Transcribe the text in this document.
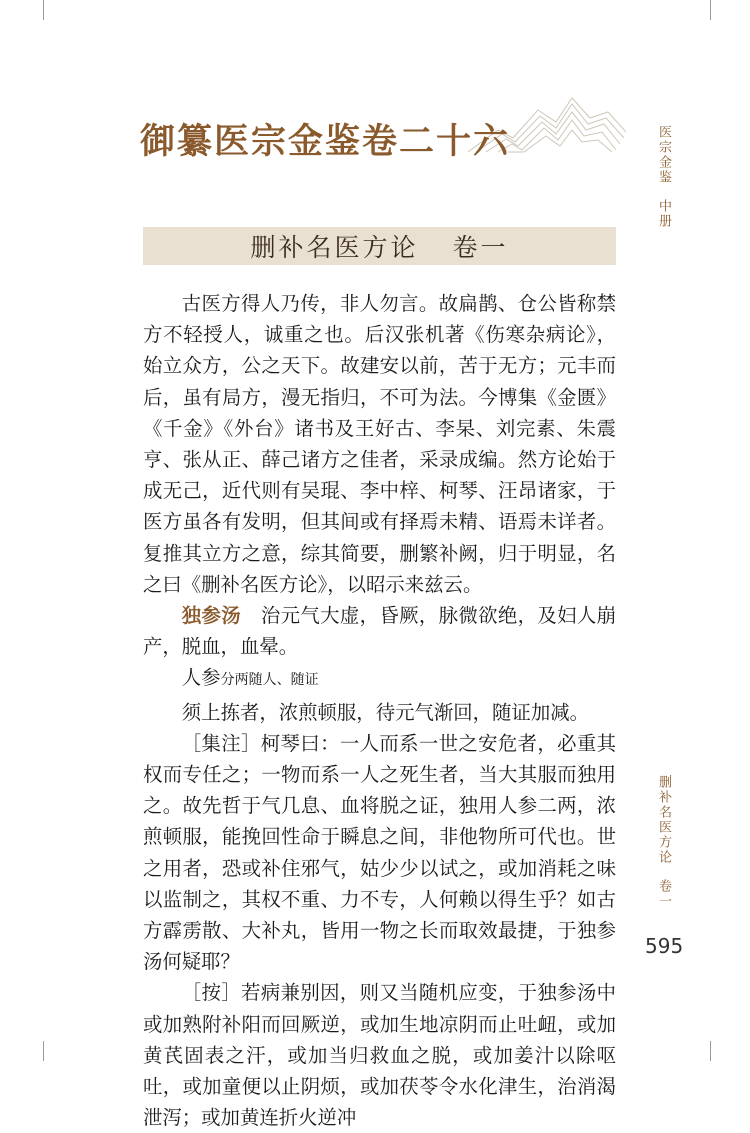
御纂医宗金鉴卷二十六	医宗金鉴中册
删补名医方论 卷一

古医方得人乃传，非人勿言。故扁鹊、仓公皆称禁方不轻授人，诚重之也。后汉张机著《伤寒杂病论》，始立众方，公之天下。故建安以前，苦于无方；元丰而后，虽有局方，漫无指归，不可为法。今博集《金匮》《千金》《外台》诸书及王好古、李杲、刘完素、朱震亨、张从正、薛己诸方之佳者，采录成编。然方论始于成无己，近代则有吴琨、李中梓、柯琴、汪昂诸家，于医方虽各有发明，但其间或有择焉未精、语焉未详者。复推其立方之意，综其简要，删繁补阙，归于明显，名之曰《删补名医方论》，以昭示来兹云。

独参汤　 治元气大虚，昏厥，脉微欲绝，及妇人崩产，脱血，血晕。

人参分两随人、随证

须上拣者，浓煎顿服，待元气渐回，随证加减。

［集注］柯琴曰：一人而系一世之安危者，必重其权而专任之；一物而系一人之死生者，当大其服而独用之。故先哲于气几息、血将脱之证，独用人参二两，浓煎顿服，能挽回性命于瞬息之间，非他物所可代也。世之用者，恐或补住邪气，姑少少以试之，或加消耗之味以监制之，其权不重、力不专，人何赖以得生乎？如古方霹雳散、大补丸，皆用一物之长而取效最捷，于独参汤何疑耶？

［按］若病兼别因，则又当随机应变，于独参汤中或加熟附补阳而回厥逆，或加生地凉阴而止吐衄，或加黄芪固表之汗，或加当归救血之脱，或加姜汁以除呕吐，或加童便以止阴烦，或加茯苓令水化津生，治消渴泄泻；或加黄连折火逆冲

删补名医方论卷一
595
